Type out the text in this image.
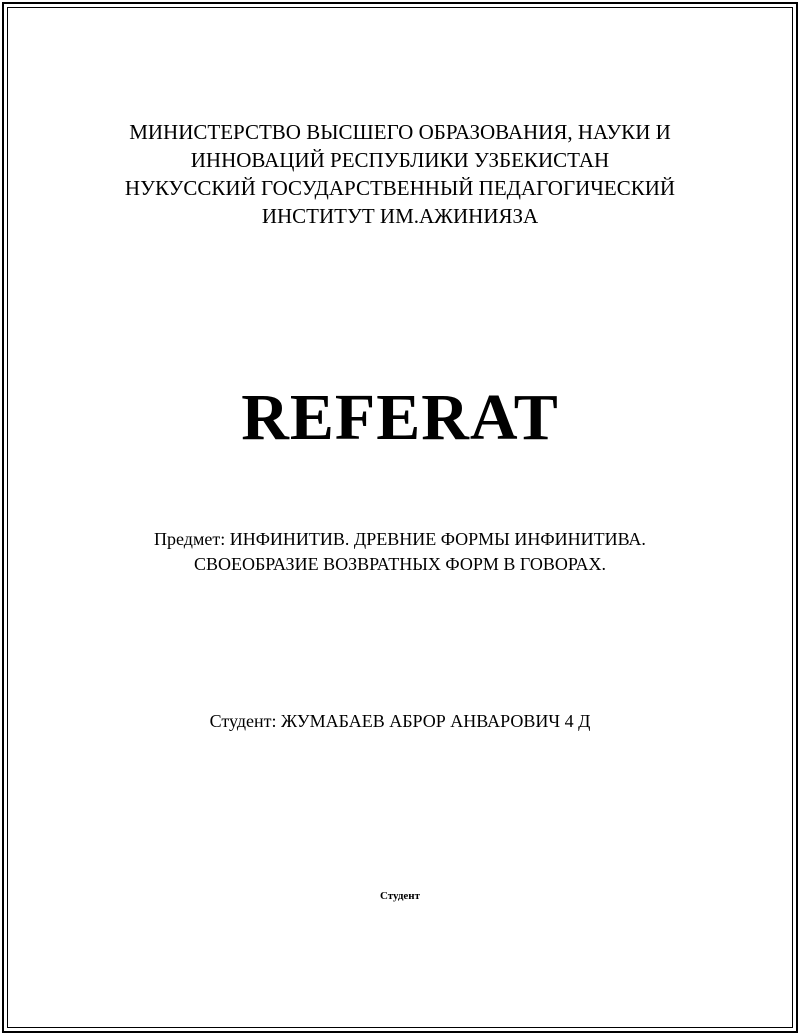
МИНИСТЕРСТВО ВЫСШЕГО ОБРАЗОВАНИЯ, НАУКИ И
ИННОВАЦИЙ РЕСПУБЛИКИ УЗБЕКИСТАН
НУКУССКИЙ ГОСУДАРСТВЕННЫЙ ПЕДАГОГИЧЕСКИЙ
ИНСТИТУТ ИМ.АЖИНИЯЗА
REFERAT
Предмет: ИНФИНИТИВ. ДРЕВНИЕ ФОРМЫ ИНФИНИТИВА.
СВОЕОБРАЗИЕ ВОЗВРАТНЫХ ФОРМ В ГОВОРАХ.
Студент: ЖУМАБАЕВ АБРОР АНВАРОВИЧ 4 Д
Студент
